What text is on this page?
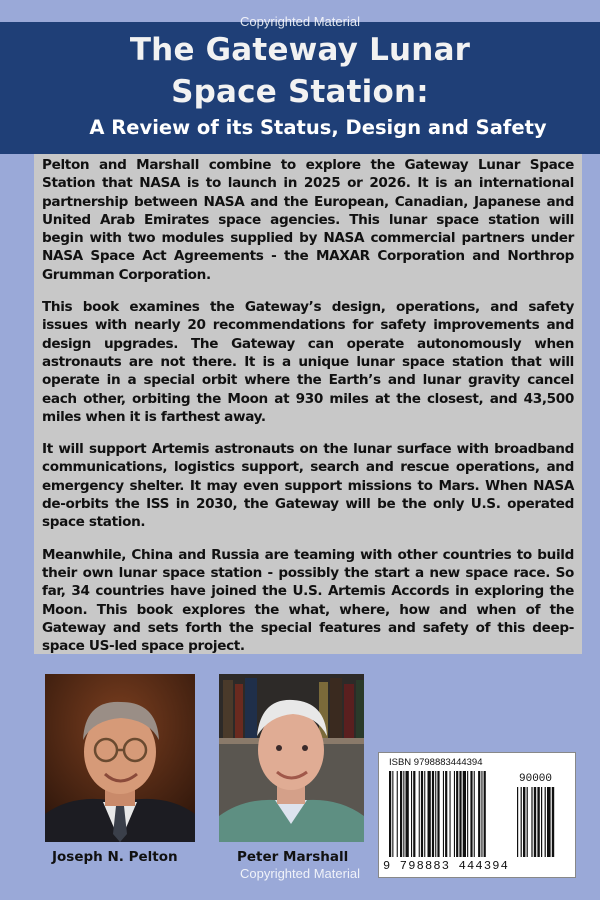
Copyrighted Material
The Gateway Lunar
Space Station:
A Review of its Status, Design and Safety

Pelton and Marshall combine to explore the Gateway Lunar Space Station that NASA is to launch in 2025 or 2026. It is an international partnership between NASA and the European, Canadian, Japanese and United Arab Emirates space agencies. This lunar space station will begin with two modules supplied by NASA commercial partners under NASA Space Act Agreements - the MAXAR Corporation and Northrop Grumman Corporation.

This book examines the Gateway’s design, operations, and safety issues with nearly 20 recommendations for safety improvements and design upgrades. The Gateway can operate autonomously when astronauts are not there. It is a unique lunar space station that will operate in a special orbit where the Earth’s and lunar gravity cancel each other, orbiting the Moon at 930 miles at the closest, and 43,500 miles when it is farthest away.

It will support Artemis astronauts on the lunar surface with broadband communications, logistics support, search and rescue operations, and emergency shelter. It may even support missions to Mars. When NASA de-orbits the ISS in 2030, the Gateway will be the only U.S. operated space station.

Meanwhile, China and Russia are teaming with other countries to build their own lunar space station - possibly the start a new space race. So far, 34 countries have joined the U.S. Artemis Accords in exploring the Moon. This book explores the what, where, how and when of the Gateway and sets forth the special features and safety of this deep-space US-led space project.

Joseph N. Pelton	Peter Marshall
ISBN 9798883444394
90000
9 798883 444394
Copyrighted Material
